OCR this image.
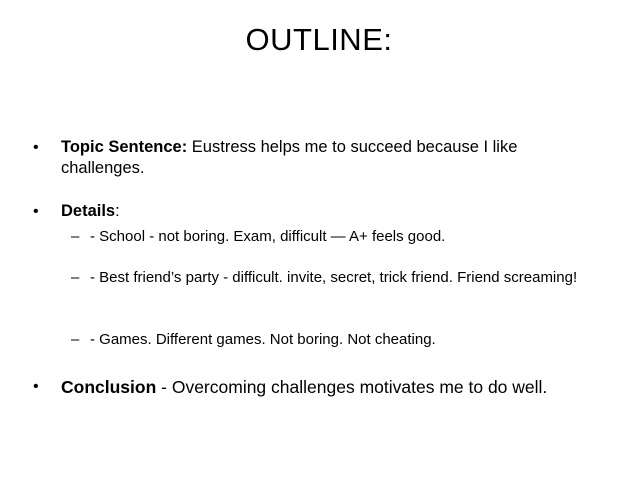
OUTLINE:
• Topic Sentence: Eustress helps me to succeed because I like challenges.
• Details:
– - School - not boring. Exam, difficult — A+ feels good.
– - Best friend’s party - difficult. invite, secret, trick friend. Friend screaming!
– - Games. Different games. Not boring. Not cheating.
• Conclusion - Overcoming challenges motivates me to do well.
